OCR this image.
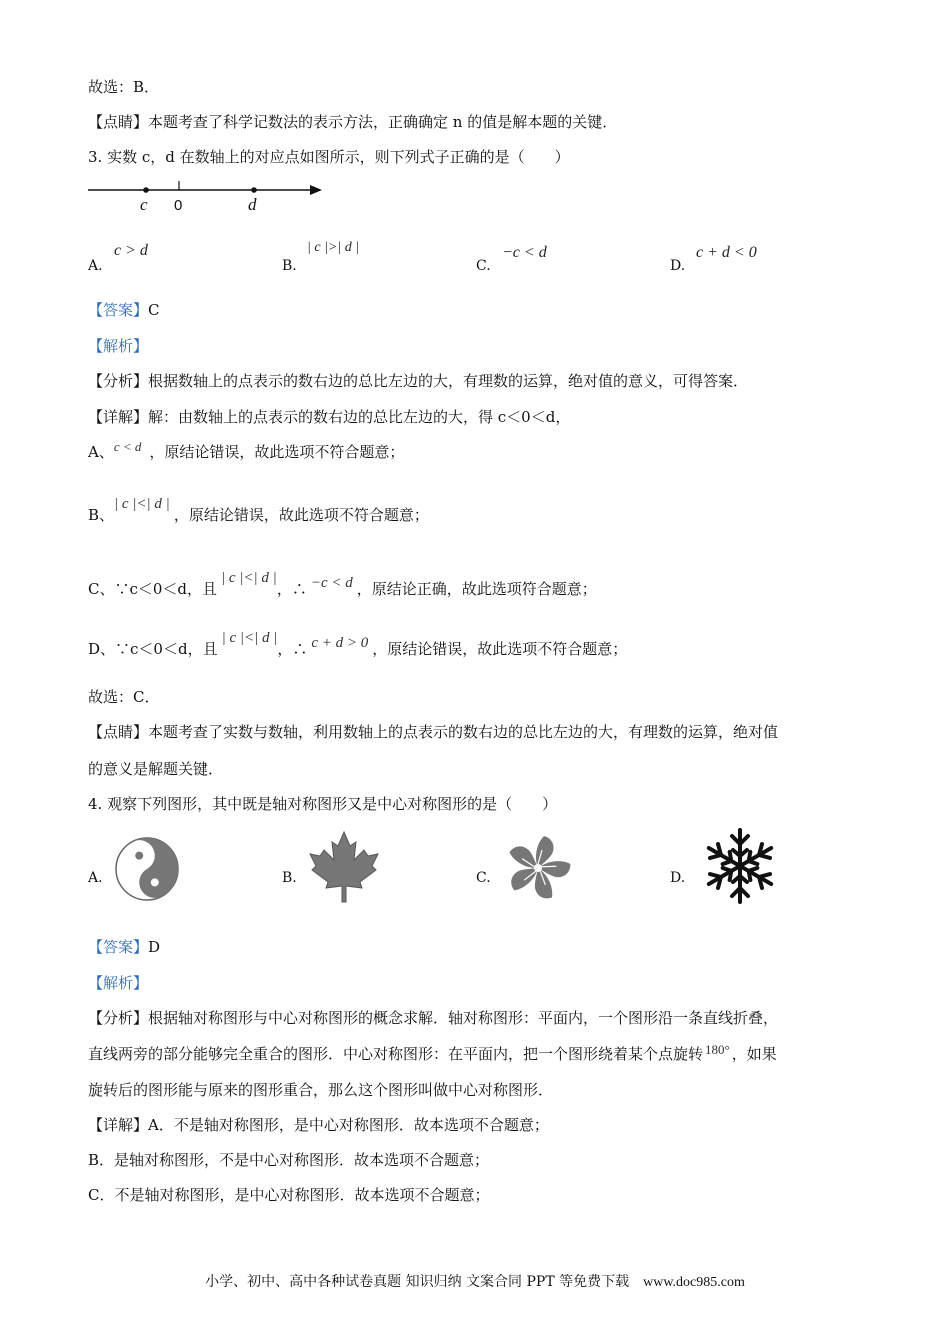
故选：B．
【点睛】本题考查了科学记数法的表示方法，正确确定 n 的值是解本题的关键．
3. 实数 c，d 在数轴上的对应点如图所示，则下列式子正确的是（　　）
c 0	d
A.
c > d
B.
| c |>| d |
C.
−c < d
D.
c + d < 0
【答案】C
【解析】
【分析】根据数轴上的点表示的数右边的总比左边的大，有理数的运算，绝对值的意义，可得答案．
【详解】解：由数轴上的点表示的数右边的总比左边的大，得 c＜0＜d，
A、c < d ，原结论错误，故此选项不符合题意；
B、| c |<| d |，原结论错误，故此选项不符合题意；
C、∵c＜0＜d，且| c |<| d |，∴ −c < d ，原结论正确，故此选项符合题意；
D、∵c＜0＜d，且| c |<| d |，∴ c + d > 0 ，原结论错误，故此选项不符合题意；
故选：C．
【点睛】本题考查了实数与数轴，利用数轴上的点表示的数右边的总比左边的大，有理数的运算，绝对值
的意义是解题关键．
4. 观察下列图形，其中既是轴对称图形又是中心对称图形的是（　　）
A.	B.	C.	D.
【答案】D
【解析】
【分析】根据轴对称图形与中心对称图形的概念求解．轴对称图形：平面内，一个图形沿一条直线折叠，
直线两旁的部分能够完全重合的图形．中心对称图形：在平面内，把一个图形绕着某个点旋转 180° ，如果
旋转后的图形能与原来的图形重合，那么这个图形叫做中心对称图形．
【详解】A．不是轴对称图形，是中心对称图形．故本选项不合题意；
B．是轴对称图形，不是中心对称图形．故本选项不合题意；
C．不是轴对称图形，是中心对称图形．故本选项不合题意；
小学、初中、高中各种试卷真题 知识归纳 文案合同 PPT 等免费下载 www.doc985.com
